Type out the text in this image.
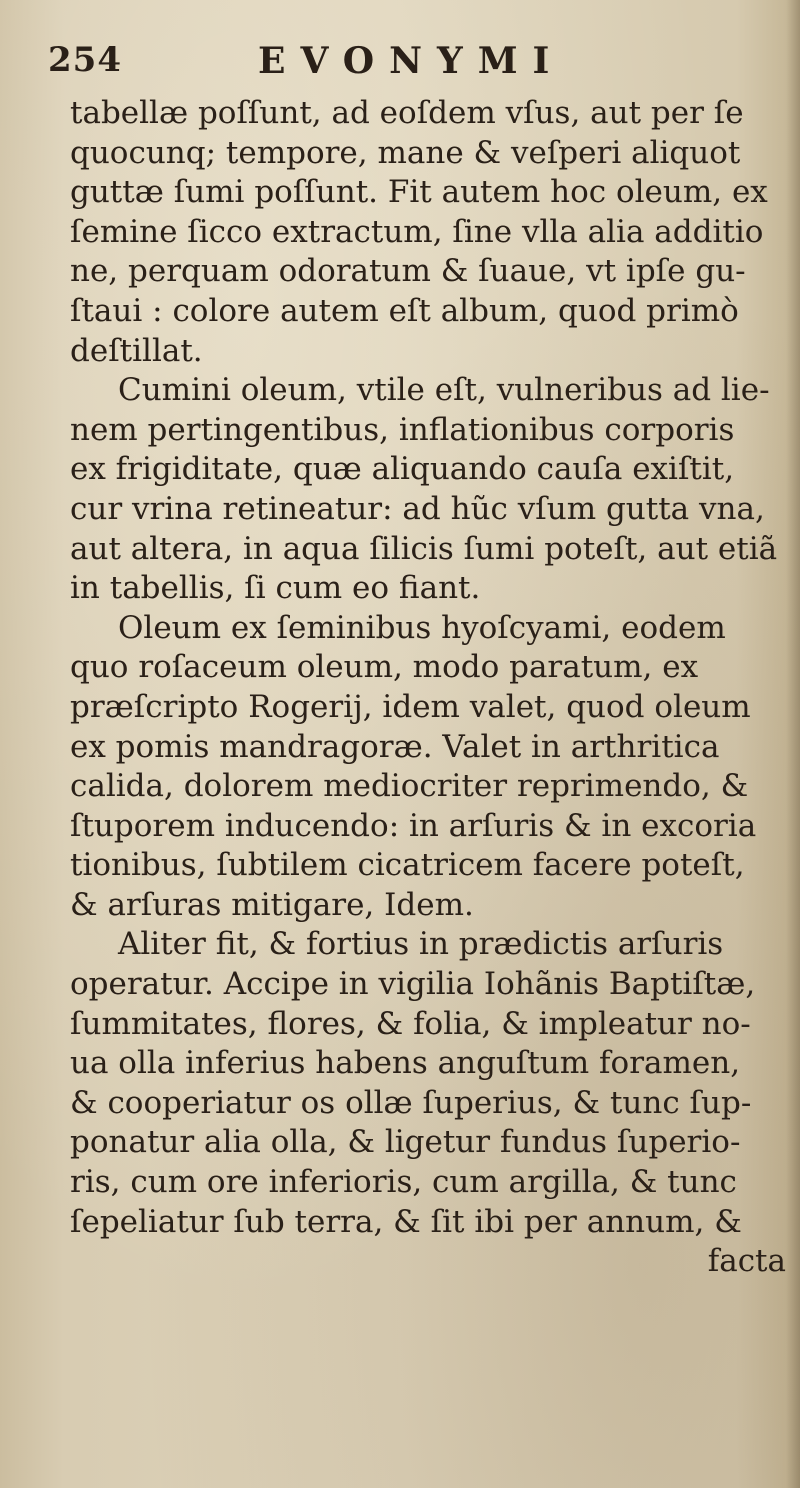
254	EVONYMI
tabellæ poſſunt, ad eoſdem vſus, aut per ſe
quocunq; tempore, mane & veſperi aliquot
guttæ ſumi poſſunt. Fit autem hoc oleum, ex
ſemine ſicco extractum, ſine vlla alia additio
ne, perquam odoratum & ſuaue, vt ipſe gu-
ſtaui : colore autem eſt album, quod primò
deſtillat.
Cumini oleum, vtile eſt, vulneribus ad lie-
nem pertingentibus, inflationibus corporis
ex frigiditate, quæ aliquando cauſa exiſtit,
cur vrina retineatur: ad hũc vſum gutta vna,
aut altera, in aqua ſilicis ſumi poteſt, aut etiã
in tabellis, ſi cum eo fiant.
Oleum ex ſeminibus hyoſcyami, eodem
quo roſaceum oleum, modo paratum, ex
præſcripto Rogerij, idem valet, quod oleum
ex pomis mandragoræ. Valet in arthritica
calida, dolorem mediocriter reprimendo, &
ſtuporem inducendo: in arſuris & in excoria
tionibus, ſubtilem cicatricem facere poteſt,
& arſuras mitigare, Idem.
Aliter fit, & fortius in prædictis arſuris
operatur. Accipe in vigilia Iohãnis Baptiſtæ,
ſummitates, flores, & folia, & impleatur no-
ua olla inferius habens anguſtum foramen,
& cooperiatur os ollæ ſuperius, & tunc ſup-
ponatur alia olla, & ligetur fundus ſuperio-
ris, cum ore inferioris, cum argilla, & tunc
ſepeliatur ſub terra, & ſit ibi per annum, &
facta
